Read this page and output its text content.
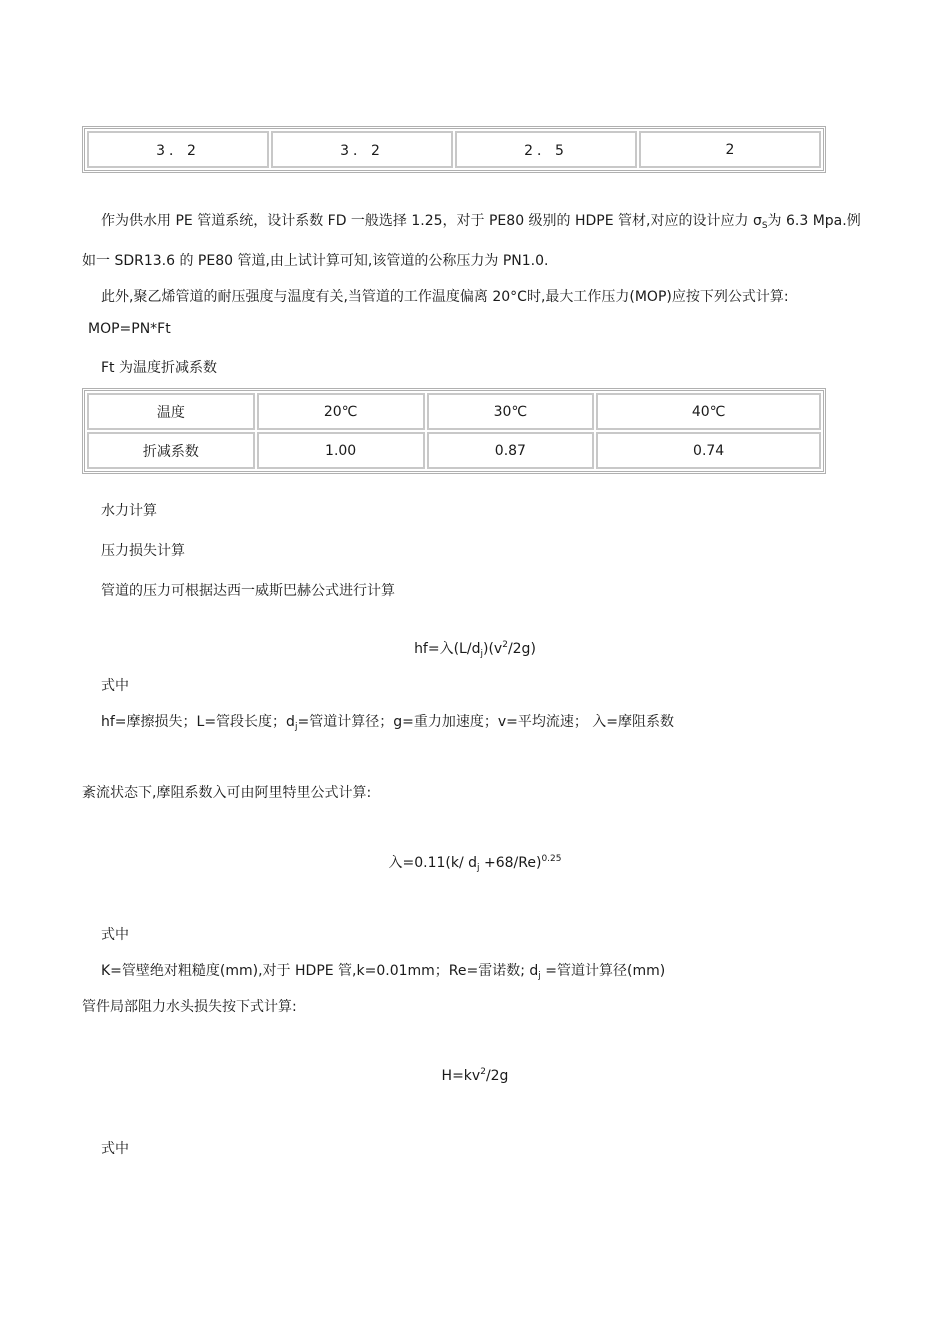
3．2	3．2	2．5	2
作为供水用 PE 管道系统，设计系数 FD 一般选择 1.25，对于 PE80 级别的 HDPE 管材,对应的设计应力 $\sigma_S$为 6.3 Mpa.例
如一 SDR13.6 的 PE80 管道,由上试计算可知,该管道的公称压力为 PN1.0.
此外,聚乙烯管道的耐压强度与温度有关,当管道的工作温度偏离 20°C时,最大工作压力(MOP)应按下列公式计算:
MOP=PN*Ft
Ft 为温度折减系数
温度	20℃	30℃	40℃
折减系数	1.00	0.87	0.74
水力计算
压力损失计算
管道的压力可根据达西一威斯巴赫公式进行计算
hf=入$(L/d_j)(v^2/2g)$
式中
hf=摩擦损失；L=管段长度；$d_j=$管道计算径；g=重力加速度；v=平均流速； 入=摩阻系数
紊流状态下,摩阻系数入可由阿里特里公式计算:
入=0.11(k/ $d_j +68/Re)^{0.25}$
式中
K=管壁绝对粗糙度(mm),对于 HDPE 管,k=0.01mm；Re=雷诺数; $d_j$ =管道计算径(mm)
管件局部阻力水头损失按下式计算:
$H=kv^2/2g$
式中
